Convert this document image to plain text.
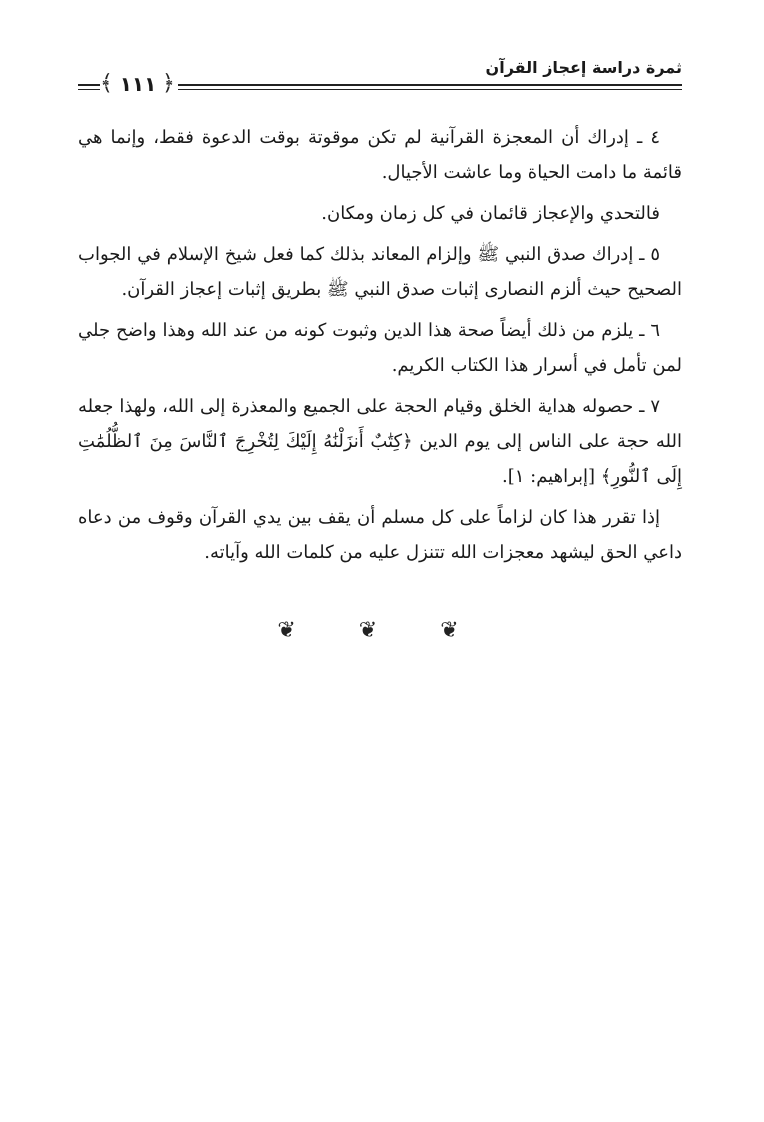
ثمرة دراسة إعجاز القرآن
١١١
﴾ ﴿

٤ ـ إدراك أن المعجزة القرآنية لم تكن موقوتة بوقت الدعوة فقط، وإنما هي قائمة ما دامت الحياة وما عاشت الأجيال.

فالتحدي والإعجاز قائمان في كل زمان ومكان.

٥ ـ إدراك صدق النبي ﷺ وإلزام المعاند بذلك كما فعل شيخ الإسلام في الجواب الصحيح حيث ألزم النصارى إثبات صدق النبي ﷺ بطريق إثبات إعجاز القرآن.

٦ ـ يلزم من ذلك أيضاً صحة هذا الدين وثبوت كونه من عند الله وهذا واضح جلي لمن تأمل في أسرار هذا الكتاب الكريم.

٧ ـ حصوله هداية الخلق وقيام الحجة على الجميع والمعذرة إلى الله، ولهذا جعله الله حجة على الناس إلى يوم الدين ﴿كِتَٰبٌ أَنزَلْنَٰهُ إِلَيْكَ لِتُخْرِجَ ٱلنَّاسَ مِنَ ٱلظُّلُمَٰتِ إِلَى ٱلنُّورِ﴾ [إبراهيم: ١].

إذا تقرر هذا كان لزاماً على كل مسلم أن يقف بين يدي القرآن وقوف من دعاه داعي الحق ليشهد معجزات الله تتنزل عليه من كلمات الله وآياته.

❦ ❦ ❦
